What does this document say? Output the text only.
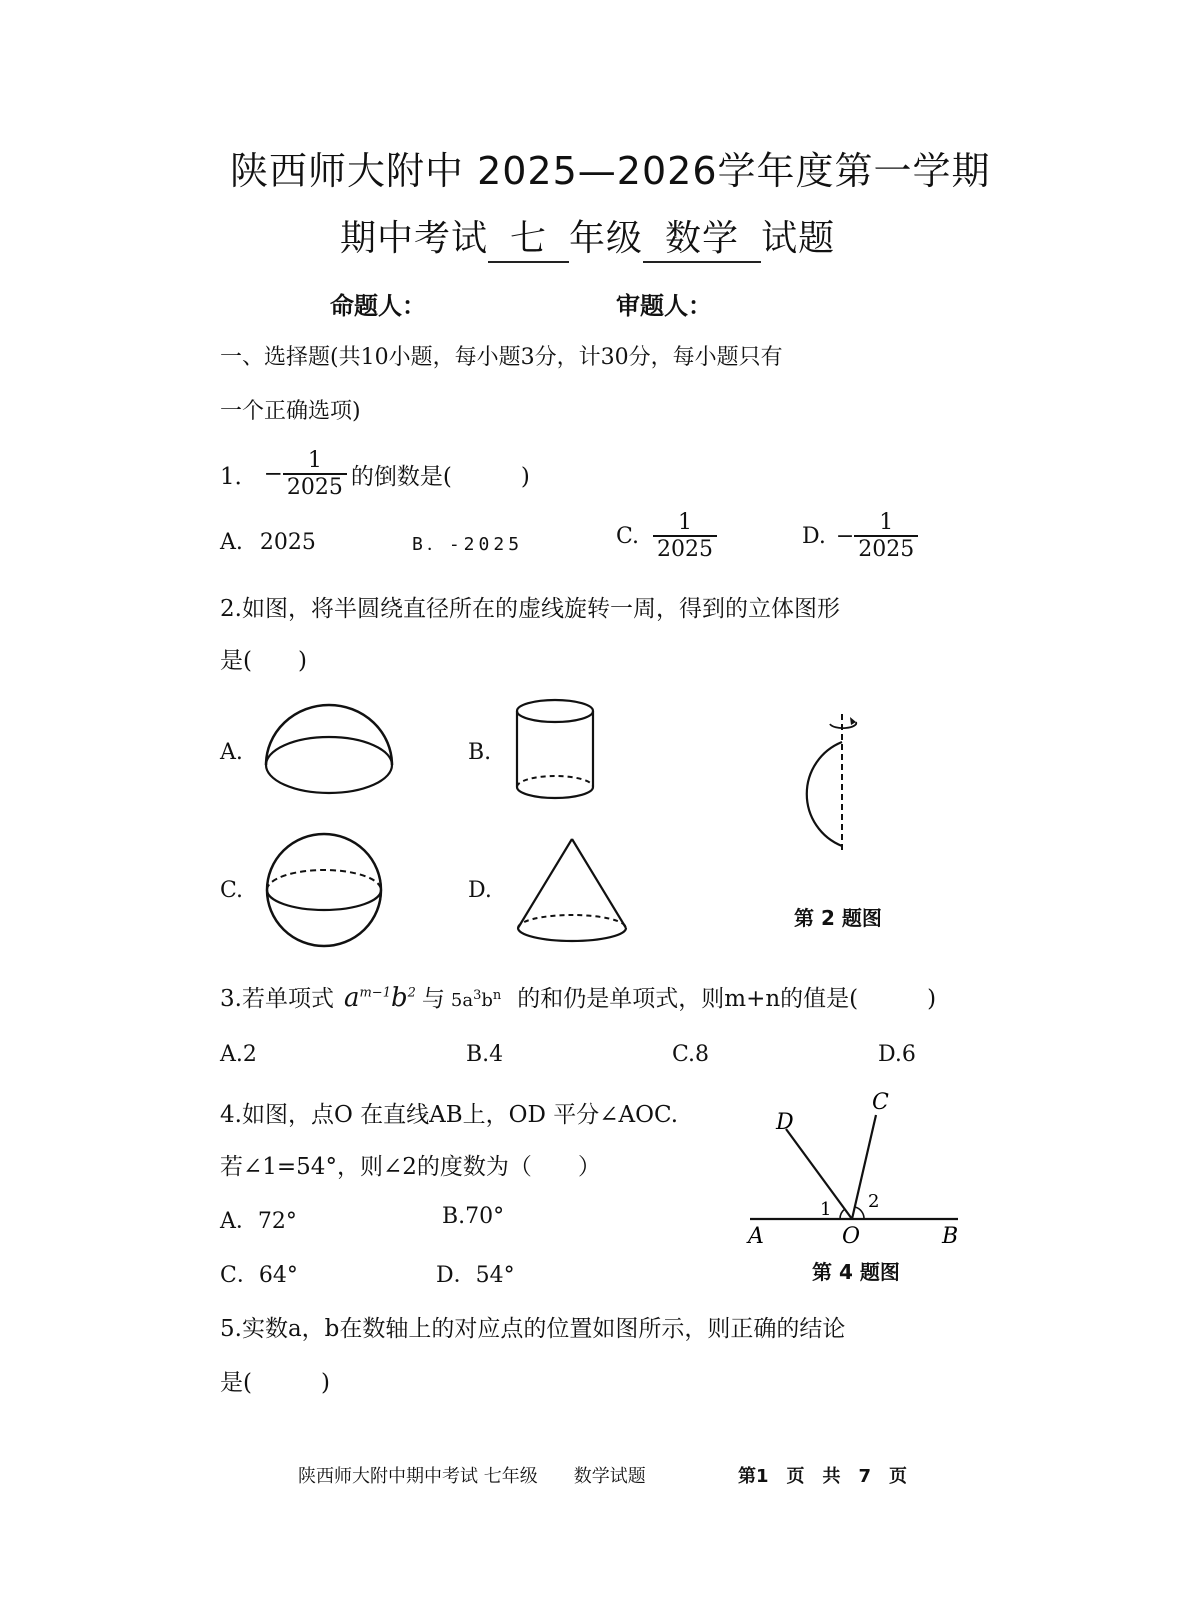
陕西师大附中 2025—2026学年度第一学期
期中考试 七 年级 数学 试题
命题人：	审题人：
一、选择题(共10小题，每小题3分，计30分，每小题只有
一个正确选项)
1． − $\frac{1}{2025}$ 的倒数是(　　　)
A. 2025	B．-2025	C. $\frac{1}{2025}$	D. − $\frac{1}{2025}$
2.如图，将半圆绕直径所在的虚线旋转一周，得到的立体图形
是(　　)
A.	B.
C.	D.
第 2 题图
3.若单项式 $a^{m-1}b^2$ 与 $5a^3b^n$ 的和仍是单项式，则m+n的值是(　　　)
A.2	B.4	C.8	D.6
4.如图，点O 在直线AB上，OD 平分∠AOC.
若∠1=54°，则∠2的度数为（　　）
A．72°	B.70°
C．64°	D．54°
A	B
O
C
D
1 2
第 4 题图
5.实数a，b在数轴上的对应点的位置如图所示，则正确的结论
是(　　　)
陕西师大附中期中考试 七年级　　数学试题	第1　页　共　7　页
